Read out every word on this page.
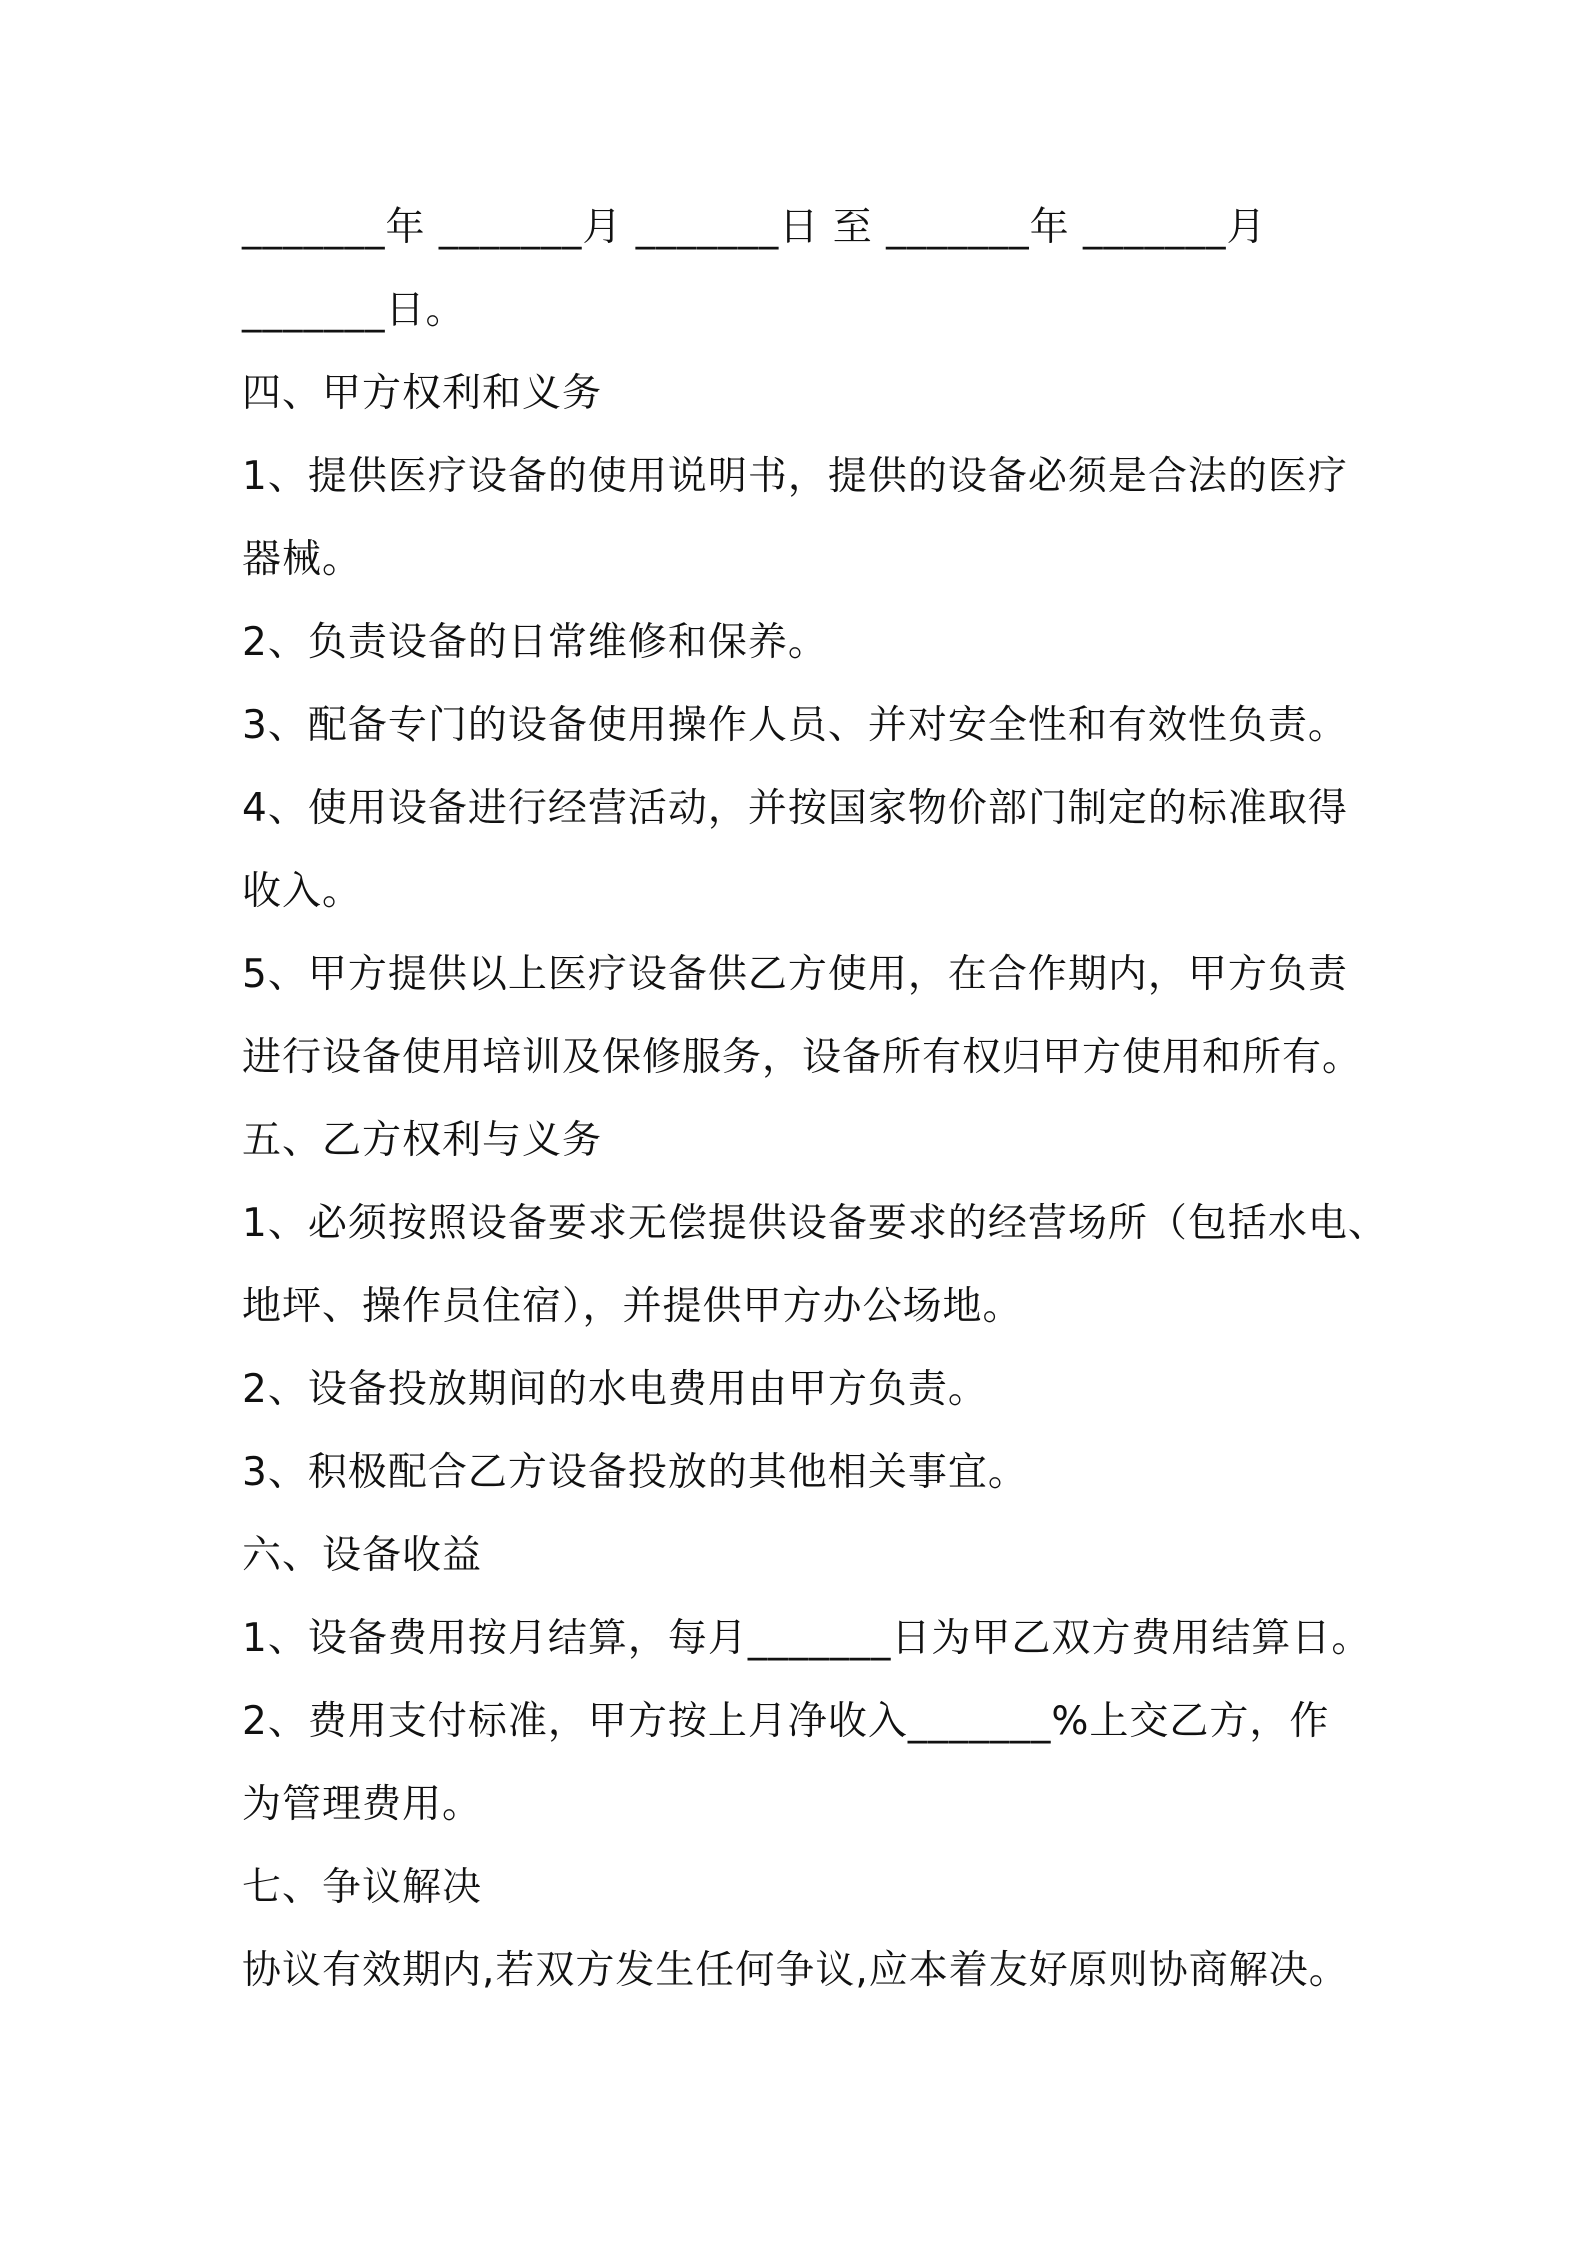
_______年 _______月 _______日 至 _______年 _______月
_______日。
四、甲方权利和义务
1、提供医疗设备的使用说明书，提供的设备必须是合法的医疗
器械。
2、负责设备的日常维修和保养。
3、配备专门的设备使用操作人员、并对安全性和有效性负责。
4、使用设备进行经营活动，并按国家物价部门制定的标准取得
收入。
5、甲方提供以上医疗设备供乙方使用，在合作期内，甲方负责
进行设备使用培训及保修服务，设备所有权归甲方使用和所有。
五、乙方权利与义务
1、必须按照设备要求无偿提供设备要求的经营场所（包括水电、
地坪、操作员住宿），并提供甲方办公场地。
2、设备投放期间的水电费用由甲方负责。
3、积极配合乙方设备投放的其他相关事宜。
六、设备收益
1、设备费用按月结算，每月_______日为甲乙双方费用结算日。
2、费用支付标准，甲方按上月净收入_______%上交乙方，作
为管理费用。
七、争议解决
协议有效期内,若双方发生任何争议,应本着友好原则协商解决。
